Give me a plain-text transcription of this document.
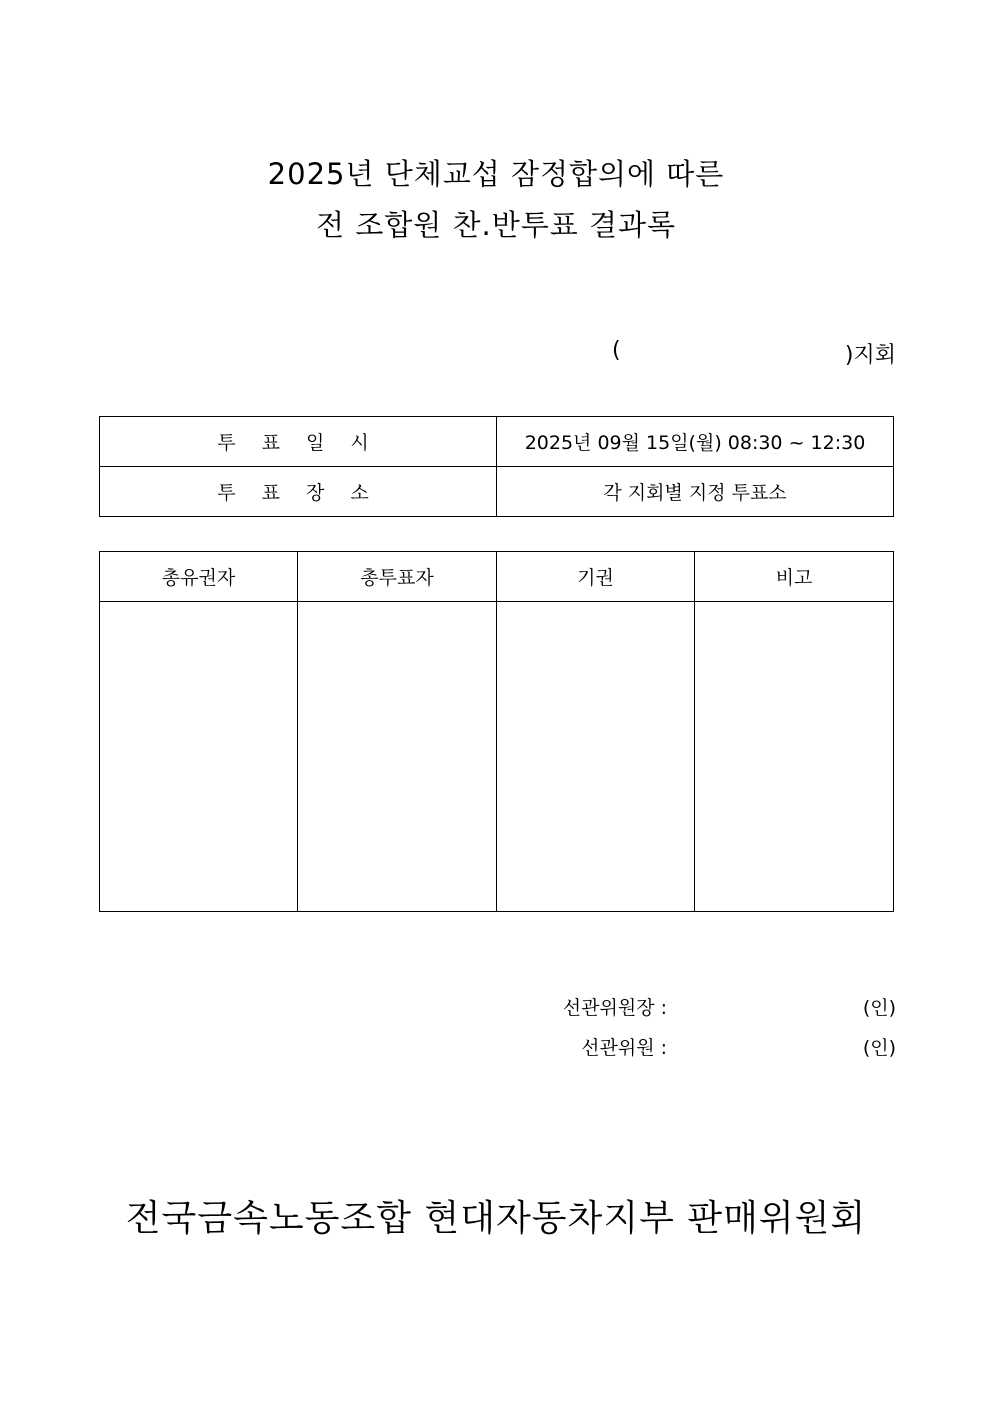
2025년 단체교섭 잠정합의에 따른
전 조합원 찬.반투표 결과록
(	)지회
투 표 일 시	2025년 09월 15일(월) 08:30 ~ 12:30
투 표 장 소	각 지회별 지정 투표소
총유권자	총투표자	기권	비고

선관위원장 :	(인)
선관위원 :	(인)
전국금속노동조합 현대자동차지부 판매위원회
